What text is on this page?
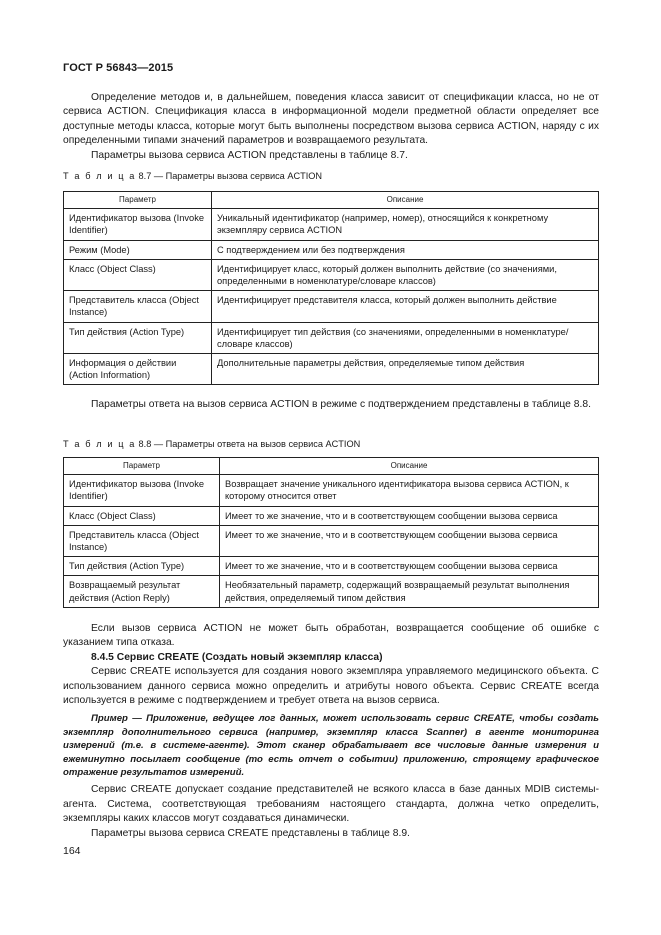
ГОСТ Р 56843—2015

Определение методов и, в дальнейшем, поведения класса зависит от спецификации класса, но не от сервиса ACTION. Спецификация класса в информационной модели предметной области определяет все доступные методы класса, которые могут быть выполнены посредством вызова сервиса ACTION, наряду с их определенными типами значений параметров и возвращаемого результата.

Параметры вызова сервиса ACTION представлены в таблице 8.7.

Т а б л и ц а 8.7 — Параметры вызова сервиса ACTION
Параметр	Описание
Идентификатор вызова (Invoke Identifier)	Уникальный идентификатор (например, номер), относящийся к конкретному экземпляру сервиса ACTION
Режим (Mode)	С подтверждением или без подтверждения
Класс (Object Class)	Идентифицирует класс, который должен выполнить действие (со значениями, определенными в номенклатуре/словаре классов)
Представитель класса (Object Instance)	Идентифицирует представителя класса, который должен выполнить действие
Тип действия (Action Type)	Идентифицирует тип действия (со значениями, определенными в номенклатуре/словаре классов)
Информация о действии (Action Information)	Дополнительные параметры действия, определяемые типом действия

Параметры ответа на вызов сервиса ACTION в режиме с подтверждением представлены в таблице 8.8.

Т а б л и ц а 8.8 — Параметры ответа на вызов сервиса ACTION
Параметр	Описание
Идентификатор вызова (Invoke Identifier)	Возвращает значение уникального идентификатора вызова сервиса ACTION, к которому относится ответ
Класс (Object Class)	Имеет то же значение, что и в соответствующем сообщении вызова сервиса
Представитель класса (Object Instance)	Имеет то же значение, что и в соответствующем сообщении вызова сервиса
Тип действия (Action Type)	Имеет то же значение, что и в соответствующем сообщении вызова сервиса
Возвращаемый результат действия (Action Reply)	Необязательный параметр, содержащий возвращаемый результат выполнения действия, определяемый типом действия

Если вызов сервиса ACTION не может быть обработан, возвращается сообщение об ошибке с указанием типа отказа.

8.4.5 Сервис CREATE (Создать новый экземпляр класса)

Сервис CREATE используется для создания нового экземпляра управляемого медицинского объекта. С использованием данного сервиса можно определить и атрибуты нового объекта. Сервис CREATE всегда используется в режиме с подтверждением и требует ответа на вызов сервиса.

Пример — Приложение, ведущее лог данных, может использовать сервис CREATE, чтобы создать экземпляр дополнительного сервиса (например, экземпляр класса Scanner) в агенте мониторинга измерений (т.е. в системе-агенте). Этот сканер обрабатывает все числовые данные измерения и ежеминутно посылает сообщение (то есть отчет о событии) приложению, строящему графическое отражение результатов измерений.

Сервис CREATE допускает создание представителей не всякого класса в базе данных MDIB системы-агента. Система, соответствующая требованиям настоящего стандарта, должна четко определить, экземпляры каких классов могут создаваться динамически.

Параметры вызова сервиса CREATE представлены в таблице 8.9.

164
